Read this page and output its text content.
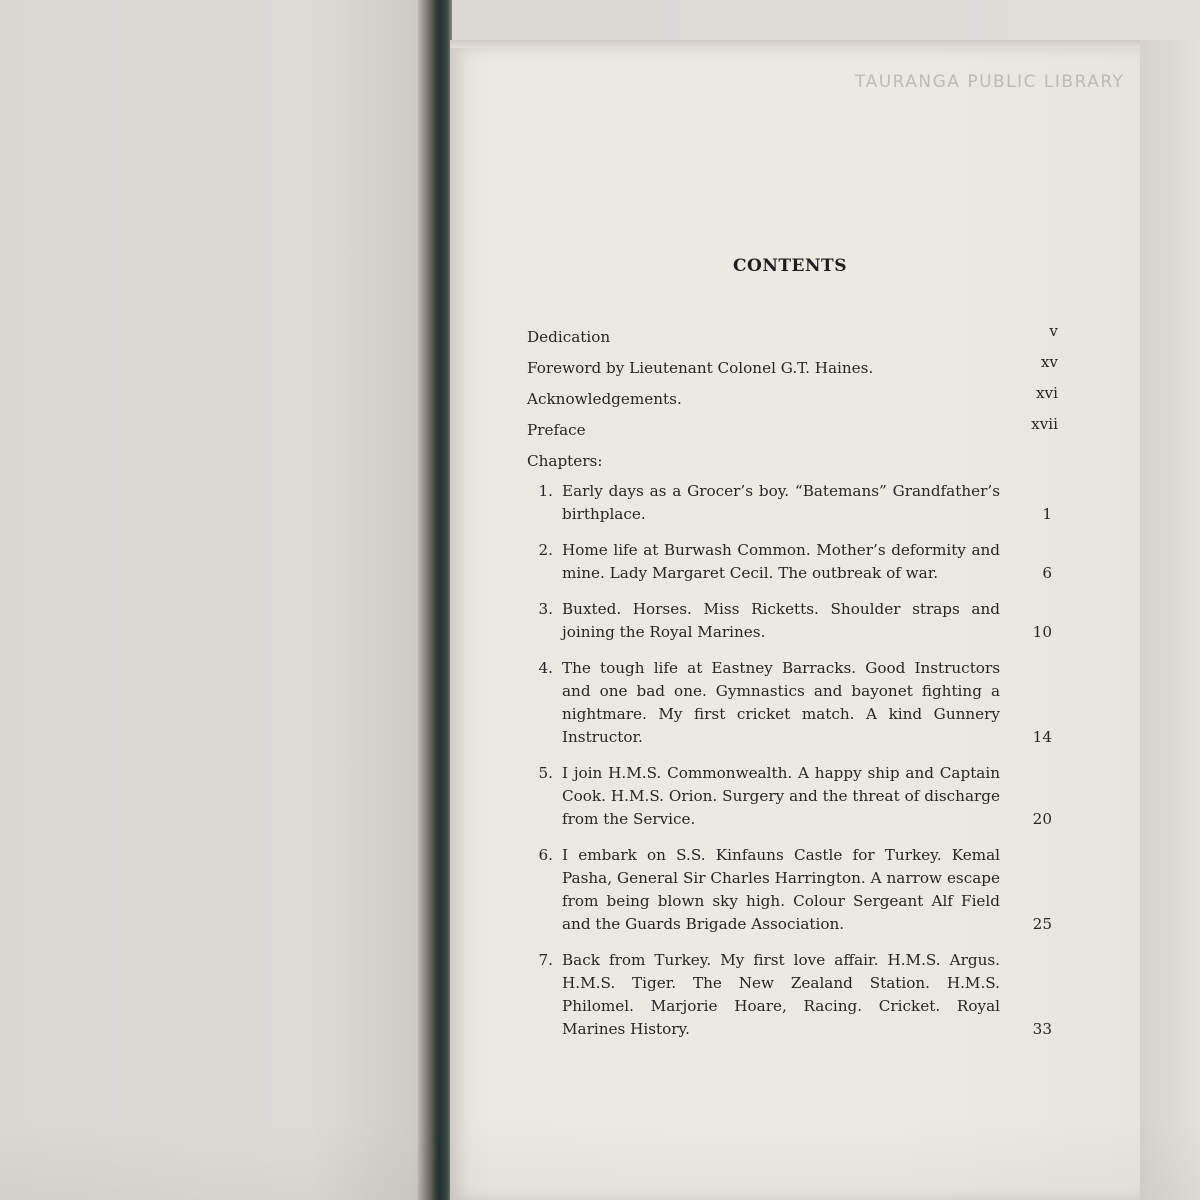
TAURANGA PUBLIC LIBRARY
CONTENTS
Dedication	v
Foreword by Lieutenant Colonel G.T. Haines.	xv
Acknowledgements.	xvi
Preface	xvii
Chapters:
1. Early days as a Grocer’s boy. “Batemans” Grandfather’s birthplace.	1
2. Home life at Burwash Common. Mother’s deformity and mine. Lady Margaret Cecil. The outbreak of war.	6
3. Buxted. Horses. Miss Ricketts. Shoulder straps and joining the Royal Marines.	10
4. The tough life at Eastney Barracks. Good Instructors and one bad one. Gymnastics and bayonet fighting a nightmare. My first cricket match. A kind Gunnery Instructor.	14
5. I join H.M.S. Commonwealth. A happy ship and Captain Cook. H.M.S. Orion. Surgery and the threat of discharge from the Service.	20
6. I embark on S.S. Kinfauns Castle for Turkey. Kemal Pasha, General Sir Charles Harrington. A narrow escape from being blown sky high. Colour Sergeant Alf Field and the Guards Brigade Association.	25
7. Back from Turkey. My first love affair. H.M.S. Argus. H.M.S. Tiger. The New Zealand Station. H.M.S. Philomel. Marjorie Hoare, Racing. Cricket. Royal Marines History.	33
